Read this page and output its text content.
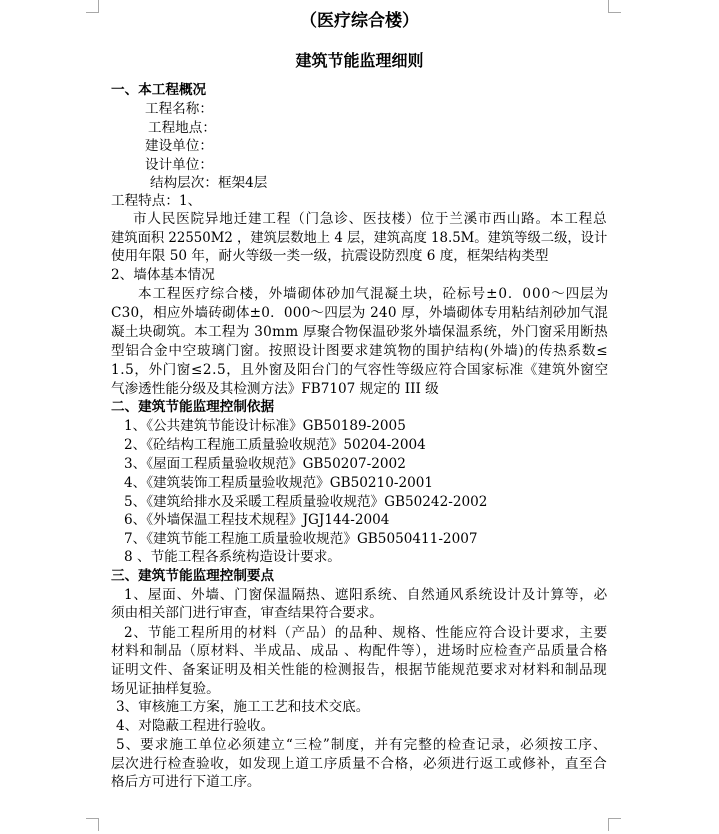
（医疗综合楼）
建筑节能监理细则
一、本工程概况
工程名称：
工程地点：
建设单位：
设计单位：
结构层次：框架4层
工程特点：1、
市人民医院异地迁建工程（门急诊、医技楼）位于兰溪市西山路。本工程总
建筑面积 22550M2 ，建筑层数地上 4 层，建筑高度 18.5M。建筑等级二级，设计
使用年限 50 年，耐火等级一类一级，抗震设防烈度 6 度，框架结构类型
2、墙体基本情况
本工程医疗综合楼，外墙砌体砂加气混凝土块，砼标号±0．000～四层为
C30，相应外墙砖砌体±0．000～四层为 240 厚，外墙砌体专用粘结剂砂加气混
凝土块砌筑。本工程为 30mm 厚聚合物保温砂浆外墙保温系统，外门窗采用断热
型铝合金中空玻璃门窗。按照设计图要求建筑物的围护结构(外墙)的传热系数≤
1.5，外门窗≤2.5，且外窗及阳台门的气容性等级应符合国家标准《建筑外窗空
气渗透性能分级及其检测方法》FB7107 规定的 III 级
二、建筑节能监理控制依据
1、《公共建筑节能设计标准》GB50189-2005
2、《砼结构工程施工质量验收规范》50204-2004
3、《屋面工程质量验收规范》GB50207-2002
4、《建筑装饰工程质量验收规范》GB50210-2001
5、《建筑给排水及采暖工程质量验收规范》GB50242-2002
6、《外墙保温工程技术规程》JGJ144-2004
7、《建筑节能工程施工质量验收规范》GB5050411-2007
8 、节能工程各系统构造设计要求。
三、建筑节能监理控制要点
1、屋面、外墙、门窗保温隔热、遮阳系统、自然通风系统设计及计算等，必
须由相关部门进行审查，审查结果符合要求。
2、节能工程所用的材料（产品）的品种、规格、性能应符合设计要求，主要
材料和制品（原材料、半成品、成品 、构配件等），进场时应检查产品质量合格
证明文件、备案证明及相关性能的检测报告，根据节能规范要求对材料和制品现
场见证抽样复验。
3、审核施工方案，施工工艺和技术交底。
4、对隐蔽工程进行验收。
5、要求施工单位必须建立“三检”制度，并有完整的检查记录，必须按工序、
层次进行检查验收，如发现上道工序质量不合格，必须进行返工或修补，直至合
格后方可进行下道工序。
